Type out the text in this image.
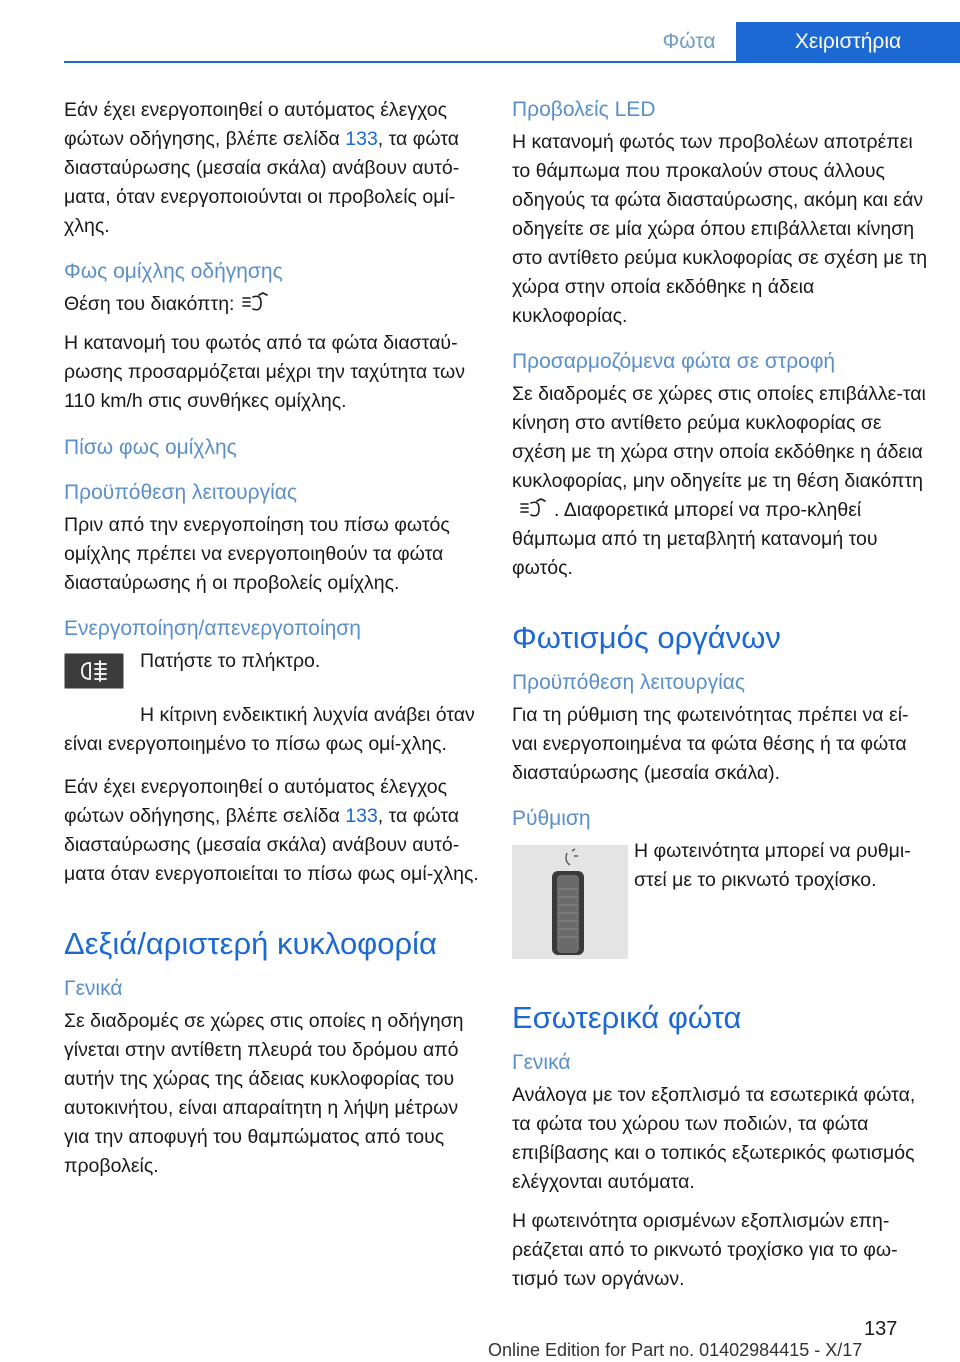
Φώτα	Χειριστήρια

Εάν έχει ενεργοποιηθεί ο αυτόματος έλεγχος φώτων οδήγησης, βλέπε σελίδα 133, τα φώτα διασταύρωσης (μεσαία σκάλα) ανάβουν αυτό-ματα, όταν ενεργοποιούνται οι προβολείς ομί-χλης.

Φως ομίχλης οδήγησης

Θέση του διακόπτη:

Η κατανομή του φωτός από τα φώτα διασταύ-ρωσης προσαρμόζεται μέχρι την ταχύτητα των 110 km/h στις συνθήκες ομίχλης.

Πίσω φως ομίχλης
Προϋπόθεση λειτουργίας

Πριν από την ενεργοποίηση του πίσω φωτός ομίχλης πρέπει να ενεργοποιηθούν τα φώτα διασταύρωσης ή οι προβολείς ομίχλης.

Ενεργοποίηση/απενεργοποίηση

Πατήστε το πλήκτρο.

Η κίτρινη ενδεικτική λυχνία ανάβει όταν είναι ενεργοποιημένο το πίσω φως ομί-χλης.

Εάν έχει ενεργοποιηθεί ο αυτόματος έλεγχος φώτων οδήγησης, βλέπε σελίδα 133, τα φώτα διασταύρωσης (μεσαία σκάλα) ανάβουν αυτό-ματα όταν ενεργοποιείται το πίσω φως ομί-χλης.

Δεξιά/αριστερή κυκλοφορία
Γενικά

Σε διαδρομές σε χώρες στις οποίες η οδήγηση γίνεται στην αντίθετη πλευρά του δρόμου από αυτήν της χώρας της άδειας κυκλοφορίας του αυτοκινήτου, είναι απαραίτητη η λήψη μέτρων για την αποφυγή του θαμπώματος από τους προβολείς.

Προβολείς LED

Η κατανομή φωτός των προβολέων αποτρέπει το θάμπωμα που προκαλούν στους άλλους οδηγούς τα φώτα διασταύρωσης, ακόμη και εάν οδηγείτε σε μία χώρα όπου επιβάλλεται κίνηση στο αντίθετο ρεύμα κυκλοφορίας σε σχέση με τη χώρα στην οποία εκδόθηκε η άδεια κυκλοφορίας.

Προσαρμοζόμενα φώτα σε στροφή

Σε διαδρομές σε χώρες στις οποίες επιβάλλε-ται κίνηση στο αντίθετο ρεύμα κυκλοφορίας σε σχέση με τη χώρα στην οποία εκδόθηκε η άδεια κυκλοφορίας, μην οδηγείτε με τη θέση διακόπτη. Διαφορετικά μπορεί να προ-κληθεί θάμπωμα από τη μεταβλητή κατανομή του φωτός.

Φωτισμός οργάνων
Προϋπόθεση λειτουργίας

Για τη ρύθμιση της φωτεινότητας πρέπει να εί-ναι ενεργοποιημένα τα φώτα θέσης ή τα φώτα διασταύρωσης (μεσαία σκάλα).

Ρύθμιση

Η φωτεινότητα μπορεί να ρυθμι-στεί με το ρικνωτό τροχίσκο.

Εσωτερικά φώτα
Γενικά

Ανάλογα με τον εξοπλισμό τα εσωτερικά φώτα, τα φώτα του χώρου των ποδιών, τα φώτα επιβίβασης και ο τοπικός εξωτερικός φωτισμός ελέγχονται αυτόματα.

Η φωτεινότητα ορισμένων εξοπλισμών επη-ρεάζεται από το ρικνωτό τροχίσκο για το φω-τισμό των οργάνων.

137
Online Edition for Part no. 01402984415 - X/17
